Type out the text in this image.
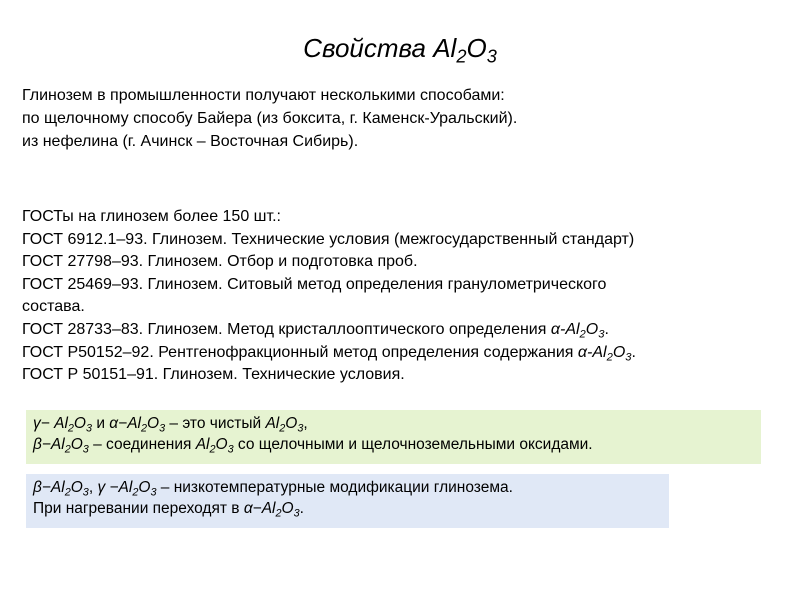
Свойства $Al_2O_3$
Глинозем в промышленности получают несколькими способами:
по щелочному способу Байера (из боксита, г. Каменск-Уральский).
из нефелина (г. Ачинск – Восточная Сибирь).
ГОСТы на глинозем более 150 шт.:
ГОСТ 6912.1–93. Глинозем. Технические условия (межгосударственный стандарт)
ГОСТ 27798–93. Глинозем. Отбор и подготовка проб.
ГОСТ 25469–93. Глинозем. Ситовый метод определения гранулометрического
состава.
ГОСТ 28733–83. Глинозем. Метод кристаллооптического определения $\alpha-Al_2O_3$.
ГОСТ Р50152–92. Рентгенофракционный метод определения содержания $\alpha-Al_2O_3$.
ГОСТ Р 50151–91. Глинозем. Технические условия.
$\gamma- Al_2O_3$ и $\alpha-Al_2O_3$ – это чистый $Al_2O_3$,
$\beta-Al_2O_3$ – соединения $Al_2O_3$ со щелочными и щелочноземельными оксидами.
$\beta-Al_2O_3$, $\gamma -Al_2O_3$ – низкотемпературные модификации глинозема.
При нагревании переходят в $\alpha-Al_2O_3$.
